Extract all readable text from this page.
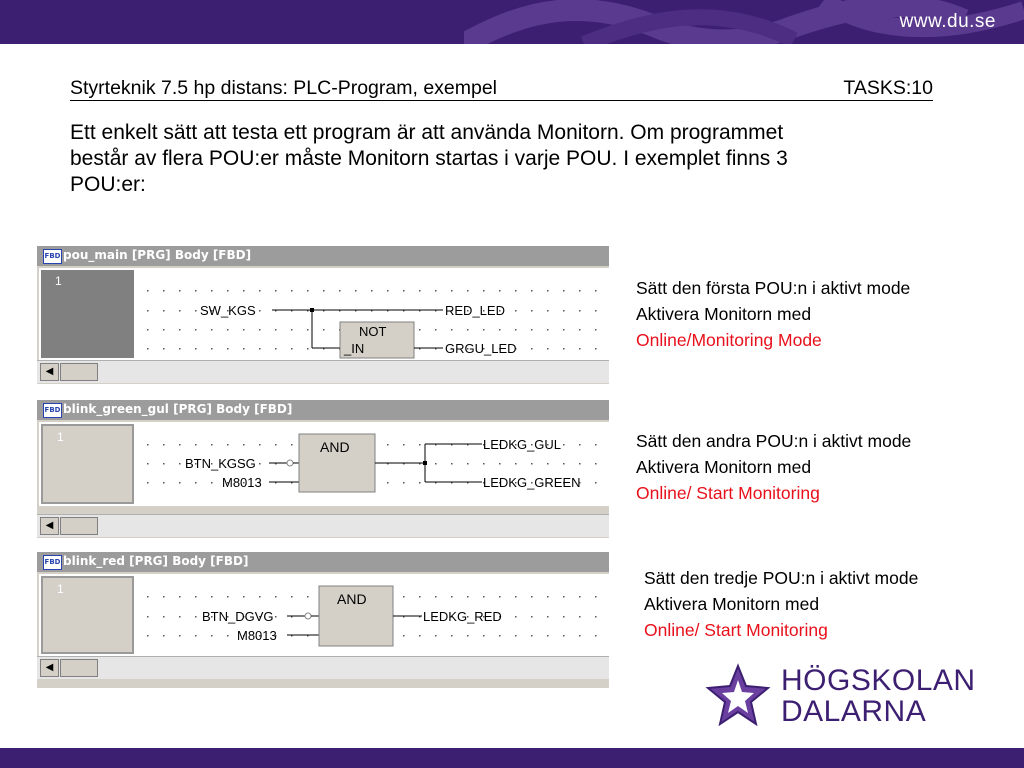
www.du.se
Styrteknik 7.5 hp distans: PLC-Program, exempel	TASKS:10
Ett enkelt sätt att testa ett program är att använda Monitorn. Om programmet består av flera POU:er måste Monitorn startas i varje POU. I exemplet finns 3 POU:er:
FBD pou_main [PRG] Body [FBD]
1
SW_KGS
NOT
_IN
RED_LED
GRGU_LED
◀
FBD blink_green_gul [PRG] Body [FBD]
1
BTN_KGSG
M8013
AND	LEDKG_GUL
LEDKG_GREEN
◀
FBD blink_red [PRG] Body [FBD]
1
BTN_DGVG
M8013
AND
LEDKG_RED
◀
Sätt den första POU:n i aktivt mode
Aktivera Monitorn med
Online/Monitoring Mode
Sätt den andra POU:n i aktivt mode
Aktivera Monitorn med
Online/ Start Monitoring
Sätt den tredje POU:n i aktivt mode
Aktivera Monitorn med
Online/ Start Monitoring
HÖGSKOLAN
DALARNA
